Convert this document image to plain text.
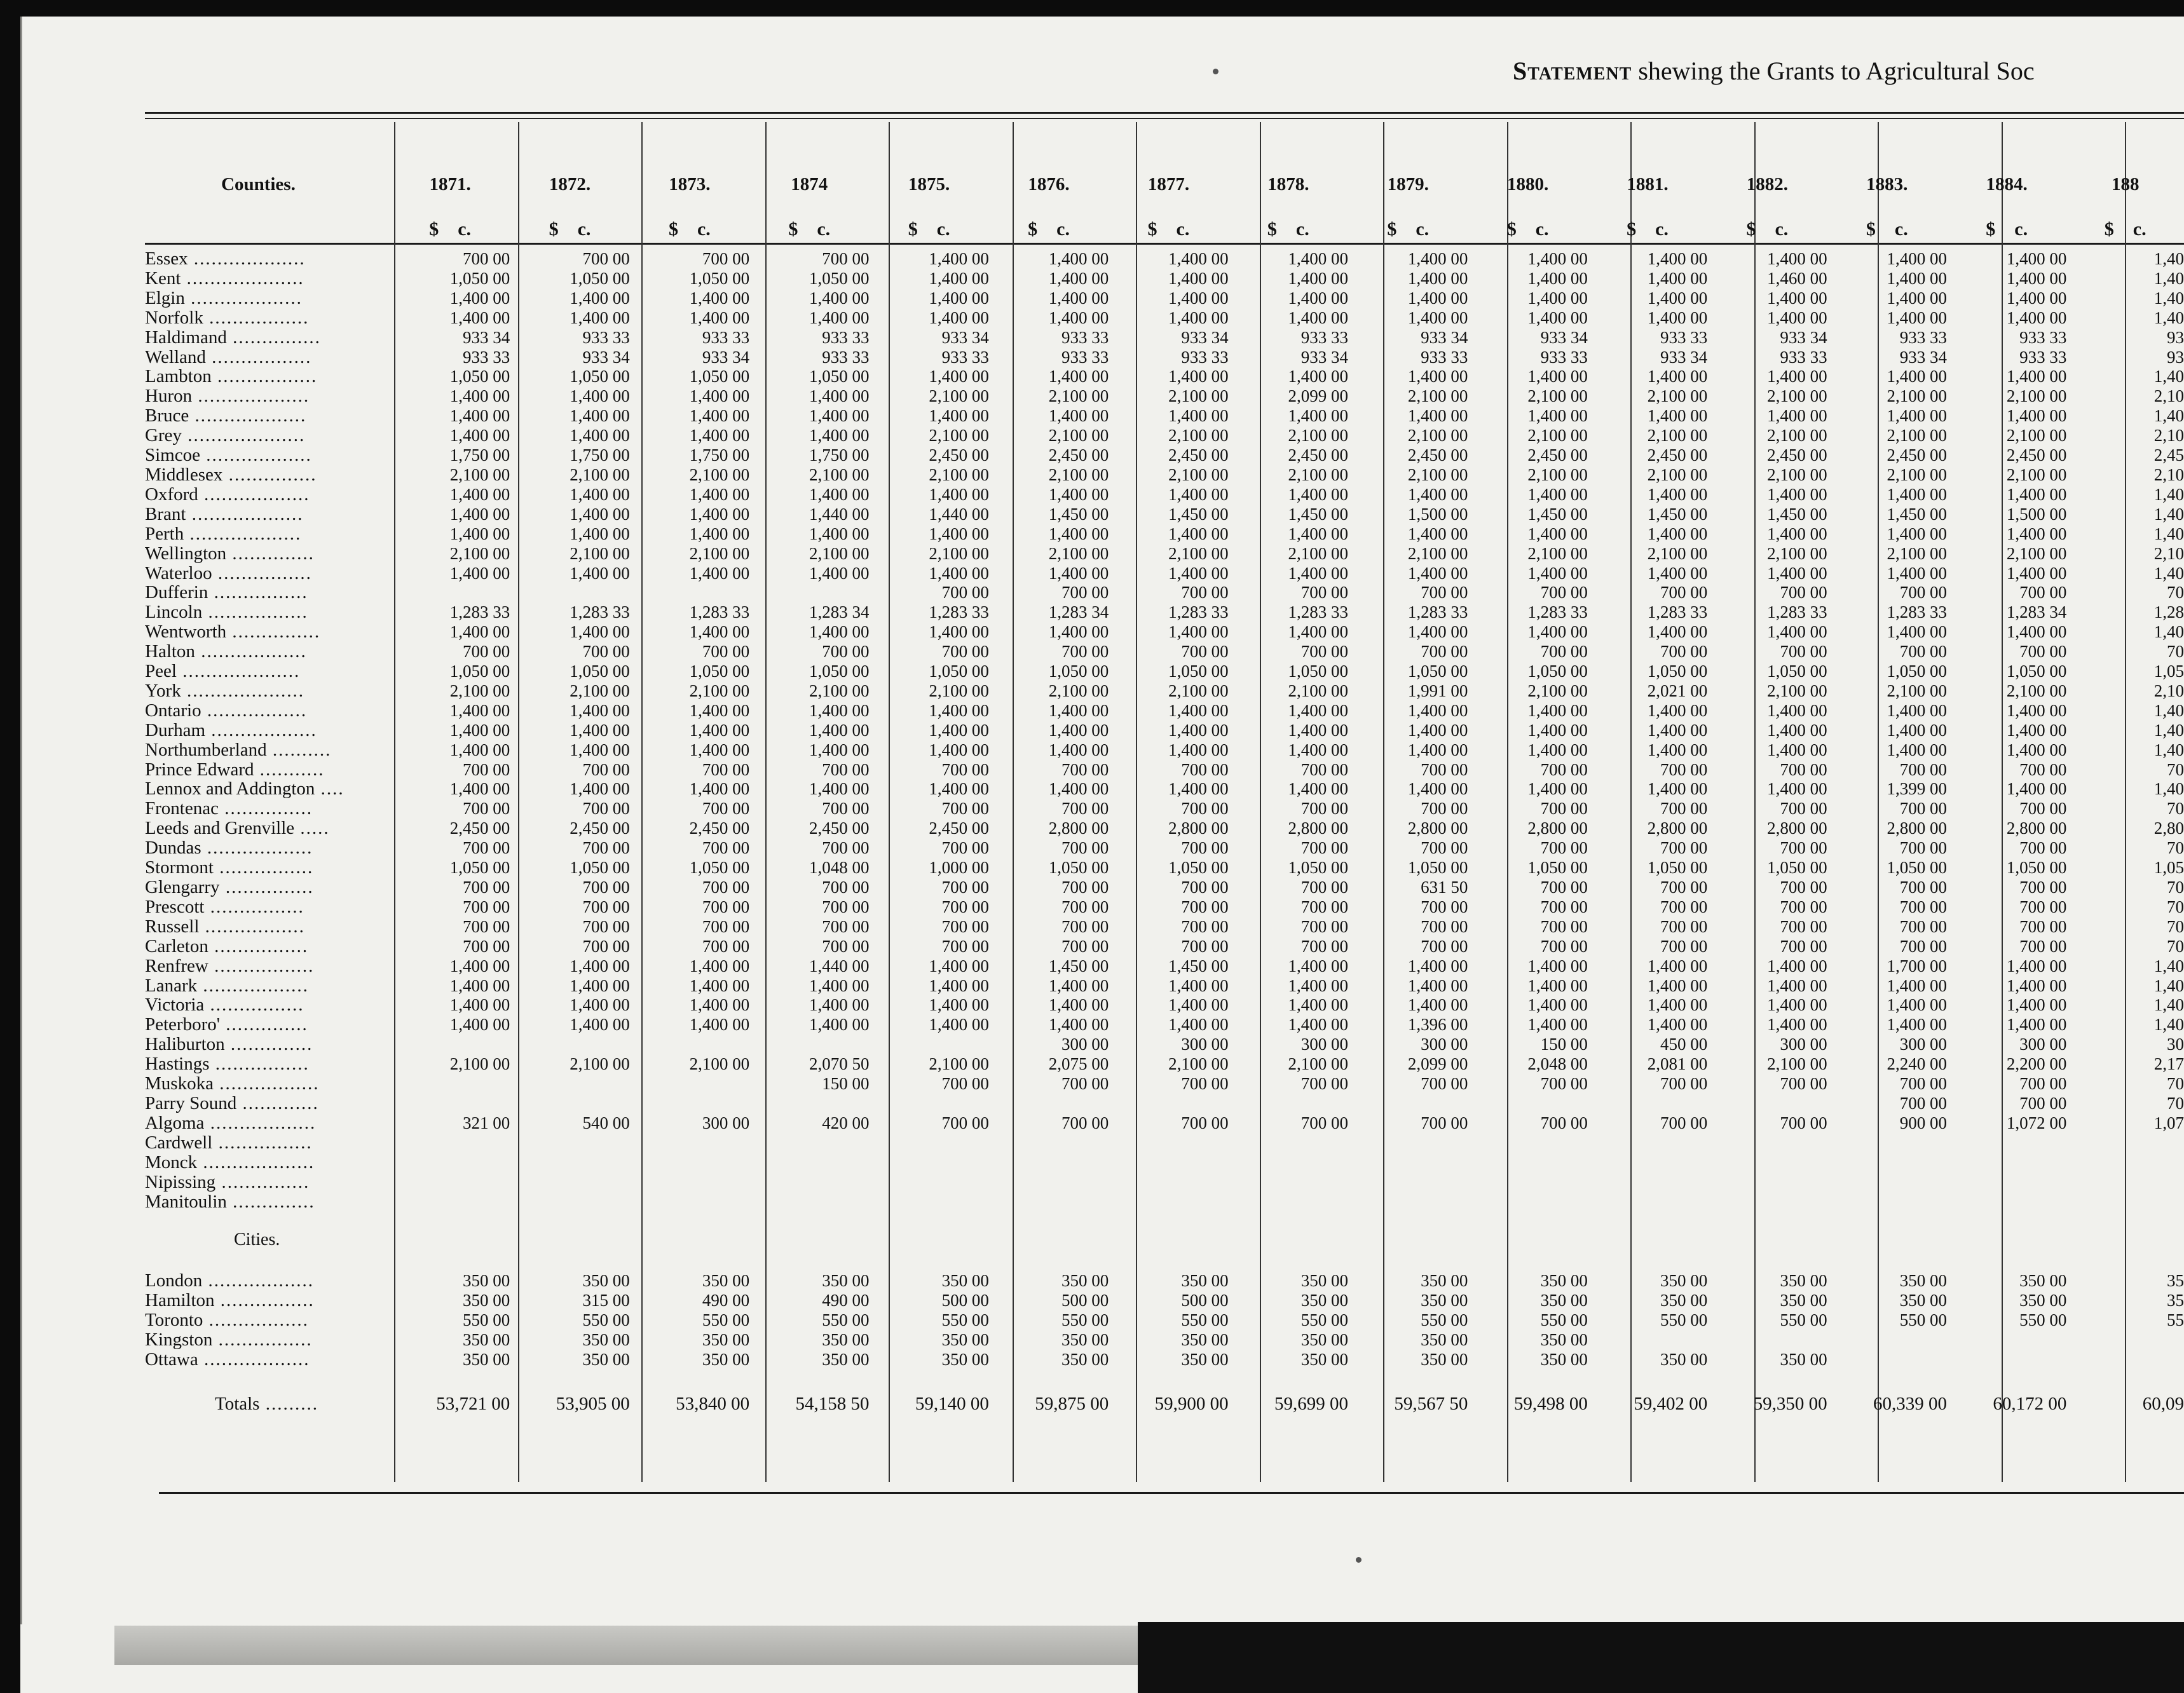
Statement shewing the Grants to Agricultural Soc
Counties.	1871.	1872.	1873.	1874	1875.	1876.	1877.	1878.	1879.	1880.	1881.	1882.	1883.	1884.	188
	$  c.	$  c.	$  c.	$  c.	$  c.	$  c.	$  c.	$  c.	$  c.	$  c.	$  c.	$  c.	$  c.	$  c.	$  c.
Essex ...................	700 00	700 00	700 00	700 00	1,400 00	1,400 00	1,400 00	1,400 00	1,400 00	1,400 00	1,400 00	1,400 00	1,400 00	1,400 00	1,40
Kent ....................	1,050 00	1,050 00	1,050 00	1,050 00	1,400 00	1,400 00	1,400 00	1,400 00	1,400 00	1,400 00	1,400 00	1,460 00	1,400 00	1,400 00	1,40
Elgin ...................	1,400 00	1,400 00	1,400 00	1,400 00	1,400 00	1,400 00	1,400 00	1,400 00	1,400 00	1,400 00	1,400 00	1,400 00	1,400 00	1,400 00	1,40
Norfolk .................	1,400 00	1,400 00	1,400 00	1,400 00	1,400 00	1,400 00	1,400 00	1,400 00	1,400 00	1,400 00	1,400 00	1,400 00	1,400 00	1,400 00	1,40
Haldimand ...............	933 34	933 33	933 33	933 33	933 34	933 33	933 34	933 33	933 34	933 34	933 33	933 34	933 33	933 33	93
Welland .................	933 33	933 34	933 34	933 33	933 33	933 33	933 33	933 34	933 33	933 33	933 34	933 33	933 34	933 33	93
Lambton .................	1,050 00	1,050 00	1,050 00	1,050 00	1,400 00	1,400 00	1,400 00	1,400 00	1,400 00	1,400 00	1,400 00	1,400 00	1,400 00	1,400 00	1,40
Huron ...................	1,400 00	1,400 00	1,400 00	1,400 00	2,100 00	2,100 00	2,100 00	2,099 00	2,100 00	2,100 00	2,100 00	2,100 00	2,100 00	2,100 00	2,10
Bruce ...................	1,400 00	1,400 00	1,400 00	1,400 00	1,400 00	1,400 00	1,400 00	1,400 00	1,400 00	1,400 00	1,400 00	1,400 00	1,400 00	1,400 00	1,40
Grey ....................	1,400 00	1,400 00	1,400 00	1,400 00	2,100 00	2,100 00	2,100 00	2,100 00	2,100 00	2,100 00	2,100 00	2,100 00	2,100 00	2,100 00	2,10
Simcoe ..................	1,750 00	1,750 00	1,750 00	1,750 00	2,450 00	2,450 00	2,450 00	2,450 00	2,450 00	2,450 00	2,450 00	2,450 00	2,450 00	2,450 00	2,45
Middlesex ...............	2,100 00	2,100 00	2,100 00	2,100 00	2,100 00	2,100 00	2,100 00	2,100 00	2,100 00	2,100 00	2,100 00	2,100 00	2,100 00	2,100 00	2,10
Oxford ..................	1,400 00	1,400 00	1,400 00	1,400 00	1,400 00	1,400 00	1,400 00	1,400 00	1,400 00	1,400 00	1,400 00	1,400 00	1,400 00	1,400 00	1,40
Brant ...................	1,400 00	1,400 00	1,400 00	1,440 00	1,440 00	1,450 00	1,450 00	1,450 00	1,500 00	1,450 00	1,450 00	1,450 00	1,450 00	1,500 00	1,40
Perth ...................	1,400 00	1,400 00	1,400 00	1,400 00	1,400 00	1,400 00	1,400 00	1,400 00	1,400 00	1,400 00	1,400 00	1,400 00	1,400 00	1,400 00	1,40
Wellington ..............	2,100 00	2,100 00	2,100 00	2,100 00	2,100 00	2,100 00	2,100 00	2,100 00	2,100 00	2,100 00	2,100 00	2,100 00	2,100 00	2,100 00	2,10
Waterloo ................	1,400 00	1,400 00	1,400 00	1,400 00	1,400 00	1,400 00	1,400 00	1,400 00	1,400 00	1,400 00	1,400 00	1,400 00	1,400 00	1,400 00	1,40
Dufferin ................					700 00	700 00	700 00	700 00	700 00	700 00	700 00	700 00	700 00	700 00	70
Lincoln .................	1,283 33	1,283 33	1,283 33	1,283 34	1,283 33	1,283 34	1,283 33	1,283 33	1,283 33	1,283 33	1,283 33	1,283 33	1,283 33	1,283 34	1,28
Wentworth ...............	1,400 00	1,400 00	1,400 00	1,400 00	1,400 00	1,400 00	1,400 00	1,400 00	1,400 00	1,400 00	1,400 00	1,400 00	1,400 00	1,400 00	1,40
Halton ..................	700 00	700 00	700 00	700 00	700 00	700 00	700 00	700 00	700 00	700 00	700 00	700 00	700 00	700 00	70
Peel ....................	1,050 00	1,050 00	1,050 00	1,050 00	1,050 00	1,050 00	1,050 00	1,050 00	1,050 00	1,050 00	1,050 00	1,050 00	1,050 00	1,050 00	1,05
York ....................	2,100 00	2,100 00	2,100 00	2,100 00	2,100 00	2,100 00	2,100 00	2,100 00	1,991 00	2,100 00	2,021 00	2,100 00	2,100 00	2,100 00	2,10
Ontario .................	1,400 00	1,400 00	1,400 00	1,400 00	1,400 00	1,400 00	1,400 00	1,400 00	1,400 00	1,400 00	1,400 00	1,400 00	1,400 00	1,400 00	1,40
Durham ..................	1,400 00	1,400 00	1,400 00	1,400 00	1,400 00	1,400 00	1,400 00	1,400 00	1,400 00	1,400 00	1,400 00	1,400 00	1,400 00	1,400 00	1,40
Northumberland ..........	1,400 00	1,400 00	1,400 00	1,400 00	1,400 00	1,400 00	1,400 00	1,400 00	1,400 00	1,400 00	1,400 00	1,400 00	1,400 00	1,400 00	1,40
Prince Edward ...........	700 00	700 00	700 00	700 00	700 00	700 00	700 00	700 00	700 00	700 00	700 00	700 00	700 00	700 00	70
Lennox and Addington ....	1,400 00	1,400 00	1,400 00	1,400 00	1,400 00	1,400 00	1,400 00	1,400 00	1,400 00	1,400 00	1,400 00	1,400 00	1,399 00	1,400 00	1,40
Frontenac ...............	700 00	700 00	700 00	700 00	700 00	700 00	700 00	700 00	700 00	700 00	700 00	700 00	700 00	700 00	70
Leeds and Grenville .....	2,450 00	2,450 00	2,450 00	2,450 00	2,450 00	2,800 00	2,800 00	2,800 00	2,800 00	2,800 00	2,800 00	2,800 00	2,800 00	2,800 00	2,80
Dundas ..................	700 00	700 00	700 00	700 00	700 00	700 00	700 00	700 00	700 00	700 00	700 00	700 00	700 00	700 00	70
Stormont ................	1,050 00	1,050 00	1,050 00	1,048 00	1,000 00	1,050 00	1,050 00	1,050 00	1,050 00	1,050 00	1,050 00	1,050 00	1,050 00	1,050 00	1,05
Glengarry ...............	700 00	700 00	700 00	700 00	700 00	700 00	700 00	700 00	631 50	700 00	700 00	700 00	700 00	700 00	70
Prescott ................	700 00	700 00	700 00	700 00	700 00	700 00	700 00	700 00	700 00	700 00	700 00	700 00	700 00	700 00	70
Russell .................	700 00	700 00	700 00	700 00	700 00	700 00	700 00	700 00	700 00	700 00	700 00	700 00	700 00	700 00	70
Carleton ................	700 00	700 00	700 00	700 00	700 00	700 00	700 00	700 00	700 00	700 00	700 00	700 00	700 00	700 00	70
Renfrew .................	1,400 00	1,400 00	1,400 00	1,440 00	1,400 00	1,450 00	1,450 00	1,400 00	1,400 00	1,400 00	1,400 00	1,400 00	1,700 00	1,400 00	1,40
Lanark ..................	1,400 00	1,400 00	1,400 00	1,400 00	1,400 00	1,400 00	1,400 00	1,400 00	1,400 00	1,400 00	1,400 00	1,400 00	1,400 00	1,400 00	1,40
Victoria ................	1,400 00	1,400 00	1,400 00	1,400 00	1,400 00	1,400 00	1,400 00	1,400 00	1,400 00	1,400 00	1,400 00	1,400 00	1,400 00	1,400 00	1,40
Peterboro' ..............	1,400 00	1,400 00	1,400 00	1,400 00	1,400 00	1,400 00	1,400 00	1,400 00	1,396 00	1,400 00	1,400 00	1,400 00	1,400 00	1,400 00	1,40
Haliburton ..............						300 00	300 00	300 00	300 00	150 00	450 00	300 00	300 00	300 00	30
Hastings ................	2,100 00	2,100 00	2,100 00	2,070 50	2,100 00	2,075 00	2,100 00	2,100 00	2,099 00	2,048 00	2,081 00	2,100 00	2,240 00	2,200 00	2,17
Muskoka .................				150 00	700 00	700 00	700 00	700 00	700 00	700 00	700 00	700 00	700 00	700 00	70
Parry Sound .............													700 00	700 00	70
Algoma ..................	321 00	540 00	300 00	420 00	700 00	700 00	700 00	700 00	700 00	700 00	700 00	700 00	900 00	1,072 00	1,07
Cardwell ................															
Monck ...................															
Nipissing ...............															
Manitoulin ..............															
Cities.															

London ..................	350 00	350 00	350 00	350 00	350 00	350 00	350 00	350 00	350 00	350 00	350 00	350 00	350 00	350 00	35
Hamilton ................	350 00	315 00	490 00	490 00	500 00	500 00	500 00	350 00	350 00	350 00	350 00	350 00	350 00	350 00	35
Toronto .................	550 00	550 00	550 00	550 00	550 00	550 00	550 00	550 00	550 00	550 00	550 00	550 00	550 00	550 00	55
Kingston ................	350 00	350 00	350 00	350 00	350 00	350 00	350 00	350 00	350 00	350 00					
Ottawa ..................	350 00	350 00	350 00	350 00	350 00	350 00	350 00	350 00	350 00	350 00	350 00	350 00			
Totals .........	53,721 00	53,905 00	53,840 00	54,158 50	59,140 00	59,875 00	59,900 00	59,699 00	59,567 50	59,498 00	59,402 00	59,350 00	60,339 00	60,172 00	60,09
